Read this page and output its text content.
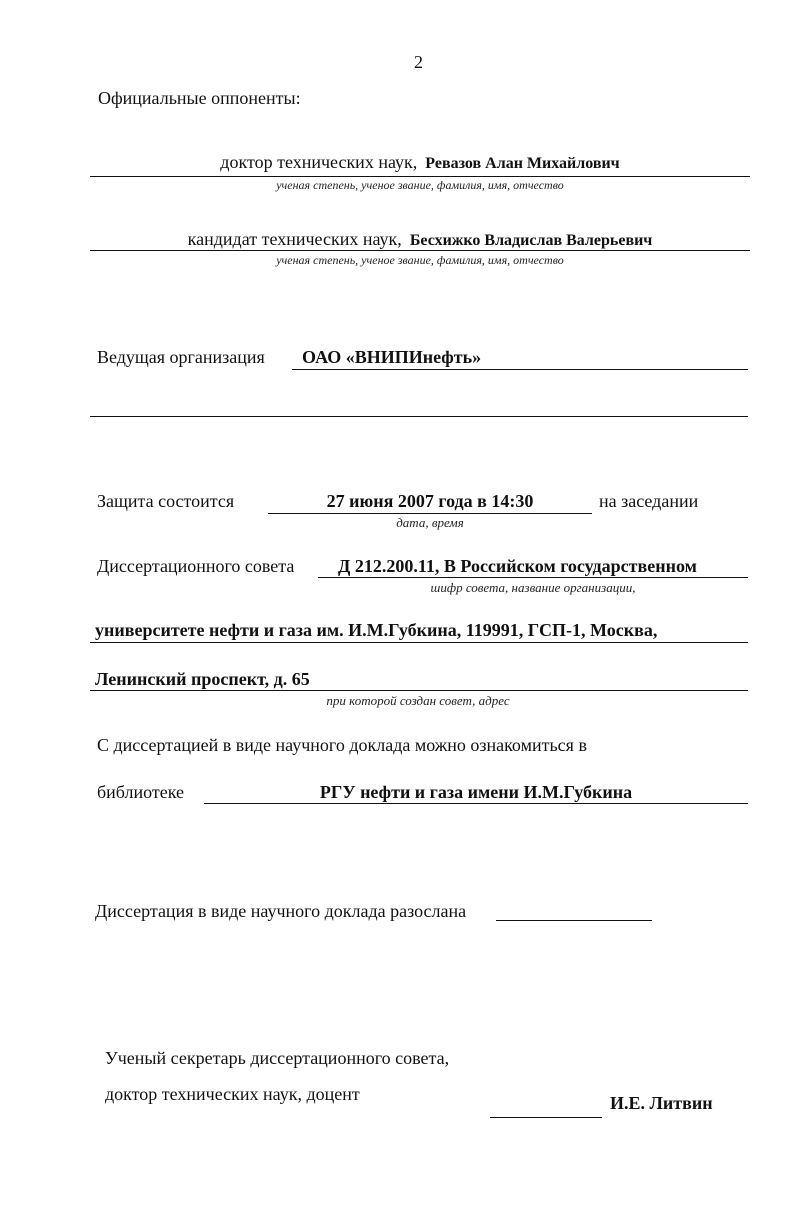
2
Официальные оппоненты:
доктор технических наук, Ревазов Алан Михайлович
ученая степень, ученое звание, фамилия, имя, отчество
кандидат технических наук, Бесхижко Владислав Валерьевич
ученая степень, ученое звание, фамилия, имя, отчество
Ведущая организация ОАО «ВНИПИнефть»
Защита состоится	27 июня 2007 года в 14:30	на заседании
дата, время
Диссертационного совета Д 212.200.11, В Российском государственном
шифр совета, название организации,
университете нефти и газа им. И.М.Губкина, 119991, ГСП-1, Москва,
Ленинский проспект, д. 65
при которой создан совет, адрес
С диссертацией в виде научного доклада можно ознакомиться в
библиотеке	РГУ нефти и газа имени И.М.Губкина
Диссертация в виде научного доклада разослана
Ученый секретарь диссертационного совета,
доктор технических наук, доцент	И.Е. Литвин
